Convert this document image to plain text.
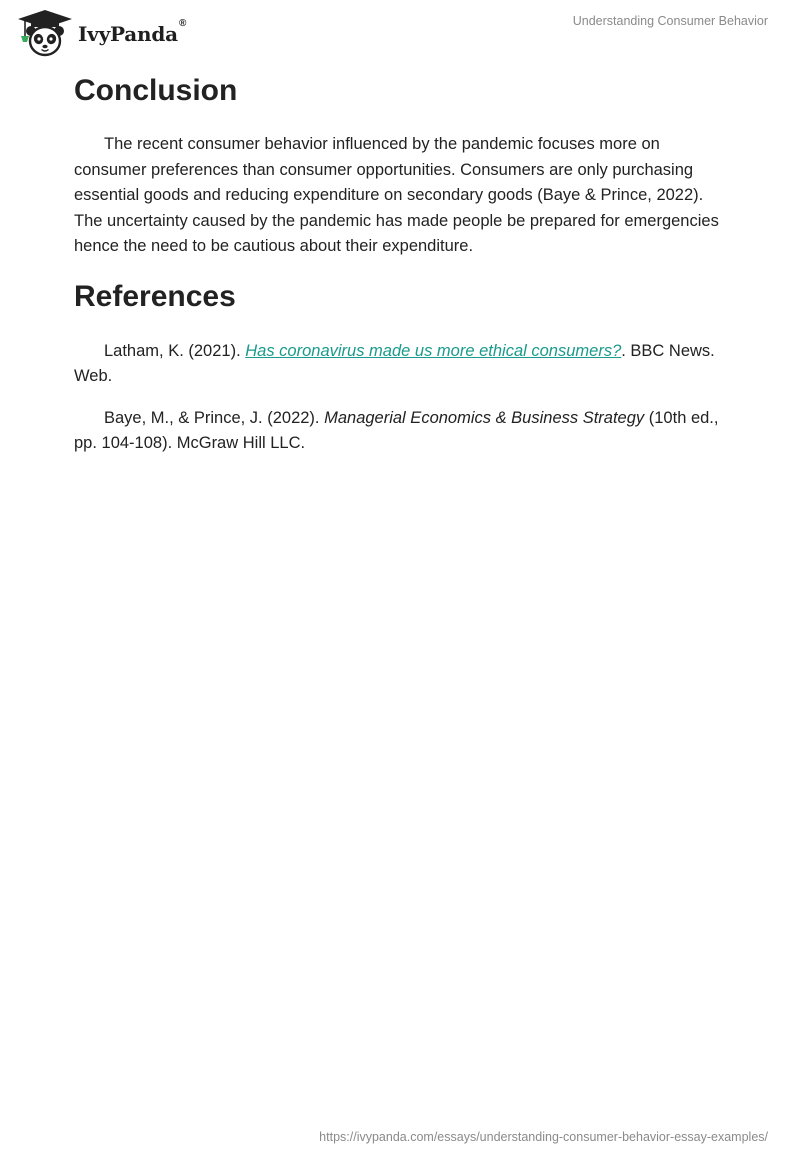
IvyPanda®	Understanding Consumer Behavior
Conclusion

The recent consumer behavior influenced by the pandemic focuses more on consumer preferences than consumer opportunities. Consumers are only purchasing essential goods and reducing expenditure on secondary goods (Baye & Prince, 2022). The uncertainty caused by the pandemic has made people be prepared for emergencies hence the need to be cautious about their expenditure.

References

Latham, K. (2021). Has coronavirus made us more ethical consumers?. BBC News. Web.

Baye, M., & Prince, J. (2022). Managerial Economics & Business Strategy (10th ed., pp. 104-108). McGraw Hill LLC.

https://ivypanda.com/essays/understanding-consumer-behavior-essay-examples/
